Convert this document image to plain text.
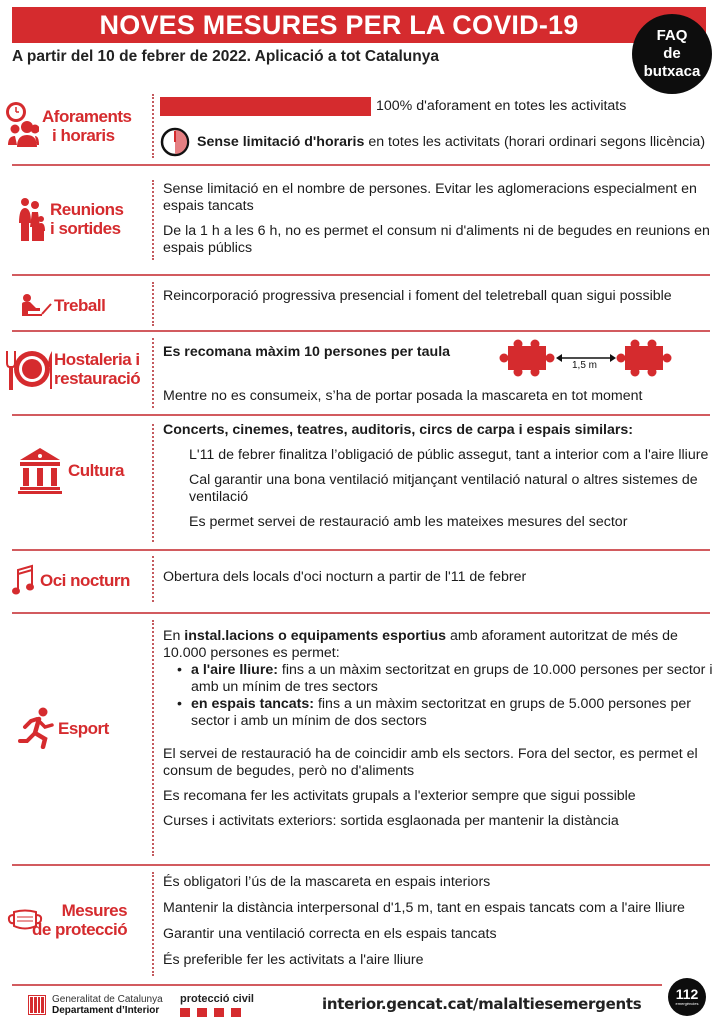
NOVES MESURES PER LA COVID-19
A partir del 10 de febrer de 2022. Aplicació a tot Catalunya
FAQ
de
butxaca
Aforaments
i horaris
100% d'aforament en totes les activitats
Sense limitació d'horaris en totes les activitats (horari ordinari segons llicència)
Reunions
i sortides

Sense limitació en el nombre de persones. Evitar les aglomeracions especialment en espais tancats

De la 1 h a les 6 h, no es permet el consum ni d'aliments ni de begudes en reunions en espais públics

Treball	Reincorporació progressiva presencial i foment del teletreball quan sigui possible

Hostaleria i
restauració
Es recomana màxim 10 persones per taula
1,5 m
Mentre no es consumeix, s’ha de portar posada la mascareta en tot moment
Cultura

Concerts, cinemes, teatres, auditoris, circs de carpa i espais similars:

L'11 de febrer finalitza l’obligació de públic assegut, tant a interior com a l'aire lliure

Cal garantir una bona ventilació mitjançant ventilació natural o altres sistemes de ventilació

Es permet servei de restauració amb les mateixes mesures del sector

Oci nocturn Obertura dels locals d'oci nocturn a partir de l'11 de febrer
Esport

En instal.lacions o equipaments esportius amb aforament autoritzat de més de 10.000 persones es permet:

• a l'aire lliure: fins a un màxim sectoritzat en grups de 10.000 persones per sector i amb un mínim de tres sectors
• en espais tancats: fins a un màxim sectoritzat en grups de 5.000 persones per sector i amb un mínim de dos sectors

El servei de restauració ha de coincidir amb els sectors. Fora del sector, es permet el consum de begudes, però no d'aliments

Es recomana fer les activitats grupals a l'exterior sempre que sigui possible

Curses i activitats exteriors: sortida esglaonada per mantenir la distància

Mesures
de protecció

És obligatori l’ús de la mascareta en espais interiors

Mantenir la distància interpersonal d'1,5 m, tant en espais tancats com a l'aire lliure

Garantir una ventilació correcta en els espais tancats

És preferible fer les activitats a l'aire lliure

Generalitat de Catalunya
Departament d’Interior
protecció civil	interior.gencat.cat/malaltiesemergents
112
emergències
